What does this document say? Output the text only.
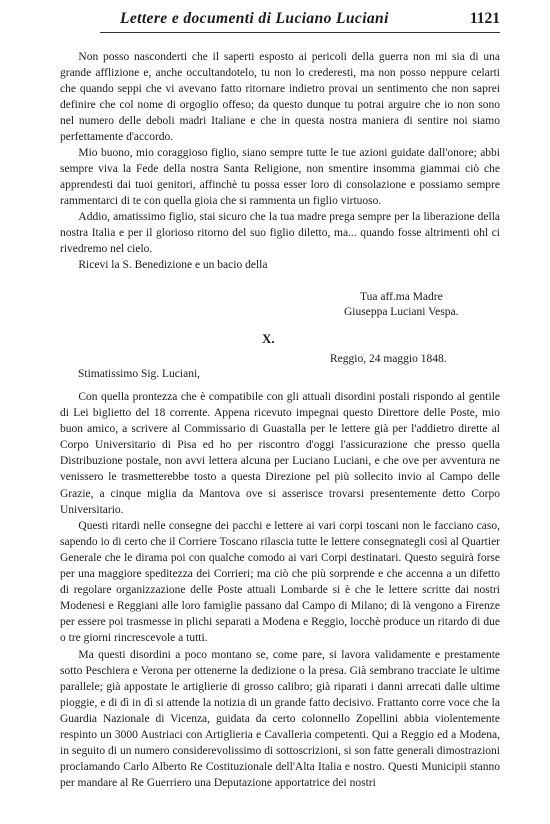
Lettere e documenti di Luciano Luciani	1121

Non posso nasconderti che il saperti esposto ai pericoli della guerra non mi sia di una grande afflizione e, anche occultandotelo, tu non lo crederesti, ma non posso neppure celarti che quando seppi che vi avevano fatto ritornare indietro provai un sentimento che non saprei definire che col nome di orgoglio offeso; da questo dunque tu potrai arguire che io non sono nel numero delle deboli madri Italiane e che in questa nostra maniera di sentire noi siamo perfettamente d'accordo.

Mio buono, mio coraggioso figlio, siano sempre tutte le tue azioni guidate dall'onore; abbi sempre viva la Fede della nostra Santa Religione, non smentire insomma giammai ciò che apprendesti dai tuoi genitori, affinchè tu possa esser loro di consolazione e possiamo sempre rammentarci di te con quella gioia che si rammenta un figlio virtuoso.

Addio, amatissimo figlio, stai sicuro che la tua madre prega sempre per la liberazione della nostra Italia e per il glorioso ritorno del suo figlio diletto, ma... quando fosse altrimenti ohl ci rivedremo nel cielo.

Ricevi la S. Benedizione e un bacio della

Tua aff.ma Madre
Giuseppa Luciani Vespa.
X.
Reggio, 24 maggio 1848.
Stimatissimo Sig. Luciani,

Con quella prontezza che è compatibile con gli attuali disordini postali rispondo al gentile di Lei biglietto del 18 corrente. Appena ricevuto impegnai questo Direttore delle Poste, mio buon amico, a scrivere al Commissario di Guastalla per le lettere già per l'addietro dirette al Corpo Universitario di Pisa ed ho per riscontro d'oggi l'assicurazione che presso quella Distribuzione postale, non avvi lettera alcuna per Luciano Luciani, e che ove per avventura ne venissero le trasmetterebbe tosto a questa Direzione pel più sollecito invio al Campo delle Grazie, a cinque miglia da Mantova ove si asserisce trovarsi presentemente detto Corpo Universitario.

Questi ritardi nelle consegne dei pacchi e lettere ai vari corpi toscani non le facciano caso, sapendo io di certo che il Corriere Toscano rilascia tutte le lettere consegnategli così al Quartier Generale che le dirama poi con qualche comodo ai vari Corpi destinatari. Questo seguirà forse per una maggiore speditezza dei Corrieri; ma ciò che più sorprende e che accenna a un difetto di regolare organizzazione delle Poste attuali Lombarde si è che le lettere scritte dai nostri Modenesi e Reggiani alle loro famiglie passano dal Campo di Milano; di là vengono a Firenze per essere poi trasmesse in plichi separati a Modena e Reggio, locchè produce un ritardo di due o tre giorni rincrescevole a tutti.

Ma questi disordini a poco montano se, come pare, si lavora validamente e prestamente sotto Peschiera e Verona per ottenerne la dedizione o la presa. Già sembrano tracciate le ultime parallele; già appostate le artiglierie di grosso calibro; già riparati i danni arrecati dalle ultime pioggie, e di dì in dì si attende la notizia di un grande fatto decisivo. Frattanto corre voce che la Guardia Nazionale di Vicenza, guidata da certo colonnello Zopellini abbia violentemente respinto un 3000 Austriaci con Artiglieria e Cavalleria competenti. Qui a Reggio ed a Modena, in seguito di un numero considerevolissimo di sottoscrizioni, si son fatte generali dimostrazioni proclamando Carlo Alberto Re Costituzionale dell'Alta Italia e nostro. Questi Municipii stanno per mandare al Re Guerriero una Deputazione apportatrice dei nostri
